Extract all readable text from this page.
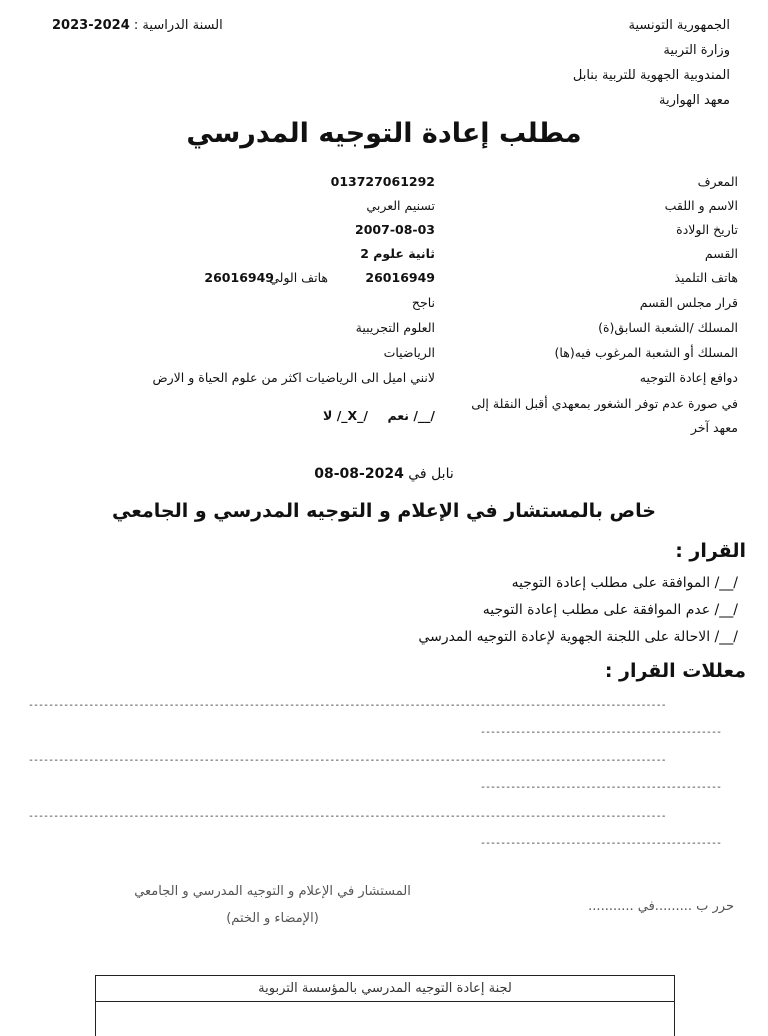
الجمهورية التونسية
وزارة التربية
المندوبية الجهوية للتربية بنابل
معهد الهوارية
السنة الدراسية : 2024-2023
مطلب إعادة التوجيه المدرسي
المعرف
013727061292
الاسم و اللقب
تسنيم العربي
تاريخ الولادة
2007-08-03
القسم
ثانية علوم 2
هاتف التلميذ
26016949
هاتف الولي
26016949
قرار مجلس القسم
ناجح
المسلك /الشعبة السابق(ة)
العلوم التجريبية
المسلك أو الشعبة المرغوب فيه(ها)
الرياضيات
دوافع إعادة التوجيه
لانني اميل الى الرياضيات اكثر من علوم الحياة و الارض
في صورة عدم توفر الشغور بمعهدي أقبل النقلة إلى
معهد آخر
/__/ نعم
/_X_/ لا
نابل في 2024-08-08
خاص بالمستشار في الإعلام و التوجيه المدرسي و الجامعي
القرار :
/__/ الموافقة على مطلب إعادة التوجيه
/__/ عدم الموافقة على مطلب إعادة التوجيه
/__/ الاحالة على اللجنة الجهوية لإعادة التوجيه المدرسي
معللات القرار :
-------------------------------------------------------------------------------------------------------------------------------
------------------------------------------------
-------------------------------------------------------------------------------------------------------------------------------
------------------------------------------------
-------------------------------------------------------------------------------------------------------------------------------
------------------------------------------------
المستشار في الإعلام و التوجيه المدرسي و الجامعي
(الإمضاء و الختم)
حرر ب .........في ...........
لجنة إعادة التوجيه المدرسي بالمؤسسة التربوية
